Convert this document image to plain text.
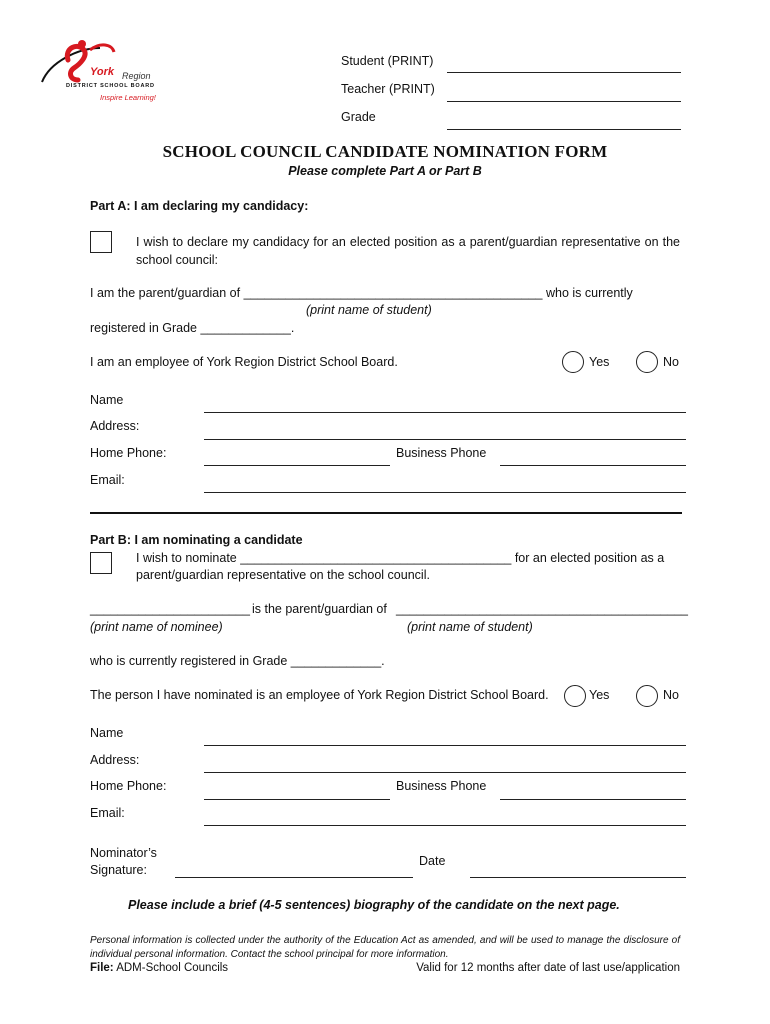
York Region
DISTRICT SCHOOL BOARD
Inspire Learning!
Student (PRINT)
Teacher (PRINT)
Grade
SCHOOL COUNCIL CANDIDATE NOMINATION FORM
Please complete Part A or Part B
Part A: I am declaring my candidacy:
I wish to declare my candidacy for an elected position as a parent/guardian representative on the school council:
I am the parent/guardian of ___________________________________________ who is currently
(print name of student)
registered in Grade _____________.
I am an employee of York Region District School Board.	Yes	No
Name
Address:
Home Phone:	Business Phone
Email:
Part B: I am nominating a candidate
I wish to nominate _______________________________________ for an elected position as a
parent/guardian representative on the school council.
_______________________ is the parent/guardian of __________________________________________
(print name of nominee)	(print name of student)
who is currently registered in Grade _____________.
The person I have nominated is an employee of York Region District School Board.	Yes	No
Name
Address:
Home Phone:	Business Phone
Email:
Nominator’s
Signature:
Date
Please include a brief (4-5 sentences) biography of the candidate on the next page.
Personal information is collected under the authority of the Education Act as amended, and will be used to manage the disclosure of individual personal information. Contact the school principal for more information.
File: ADM-School Councils	Valid for 12 months after date of last use/application
